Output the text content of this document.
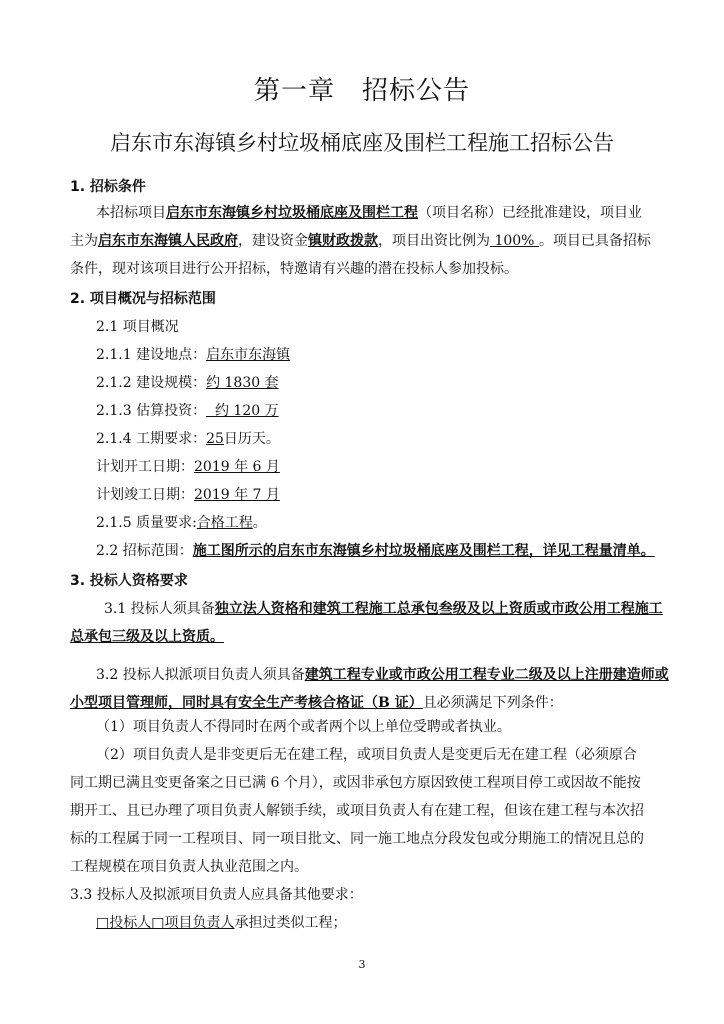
第一章　招标公告
启东市东海镇乡村垃圾桶底座及围栏工程施工招标公告
1. 招标条件
本招标项目启东市东海镇乡村垃圾桶底座及围栏工程（项目名称）已经批准建设，项目业
主为启东市东海镇人民政府，建设资金镇财政拨款，项目出资比例为 100% 。项目已具备招标
条件，现对该项目进行公开招标，特邀请有兴趣的潜在投标人参加投标。
2. 项目概况与招标范围
2.1 项目概况
2.1.1 建设地点：启东市东海镇
2.1.2 建设规模：约 1830 套
2.1.3 估算投资：  约 120 万
2.1.4 工期要求：25日历天。
计划开工日期：2019 年 6 月
计划竣工日期：2019 年 7 月
2.1.5 质量要求:合格工程。
2.2 招标范围：施工图所示的启东市东海镇乡村垃圾桶底座及围栏工程，详见工程量清单。
3. 投标人资格要求
3.1 投标人须具备独立法人资格和建筑工程施工总承包叁级及以上资质或市政公用工程施工
总承包三级及以上资质。
3.2 投标人拟派项目负责人须具备建筑工程专业或市政公用工程专业二级及以上注册建造师或
小型项目管理师，同时具有安全生产考核合格证（B 证）且必须满足下列条件：
（1）项目负责人不得同时在两个或者两个以上单位受聘或者执业。
（2）项目负责人是非变更后无在建工程，或项目负责人是变更后无在建工程（必须原合
同工期已满且变更备案之日已满 6 个月），或因非承包方原因致使工程项目停工或因故不能按
期开工、且已办理了项目负责人解锁手续，或项目负责人有在建工程，但该在建工程与本次招
标的工程属于同一工程项目、同一项目批文、同一施工地点分段发包或分期施工的情况且总的
工程规模在项目负责人执业范围之内。
3.3 投标人及拟派项目负责人应具备其他要求：
□投标人□项目负责人承担过类似工程；
3
